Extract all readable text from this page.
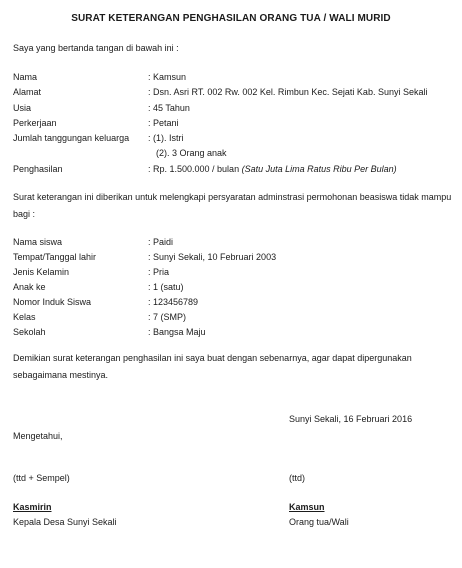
SURAT KETERANGAN PENGHASILAN ORANG TUA / WALI MURID
Saya yang bertanda tangan di bawah ini :
Nama	: Kamsun
Alamat	: Dsn. Asri RT. 002 Rw. 002 Kel. Rimbun Kec. Sejati Kab. Sunyi Sekali
Usia	: 45 Tahun
Perkerjaan	: Petani
Jumlah tanggungan keluarga : (1). Istri
(2). 3 Orang anak
Penghasilan	: Rp. 1.500.000 / bulan (Satu Juta Lima Ratus Ribu Per Bulan)
Surat keterangan ini diberikan untuk melengkapi persyaratan adminstrasi permohonan beasiswa tidak mampu bagi :
Nama siswa	: Paidi
Tempat/Tanggal lahir	: Sunyi Sekali, 10 Februari 2003
Jenis Kelamin	: Pria
Anak ke	: 1 (satu)
Nomor Induk Siswa	: 123456789
Kelas	: 7 (SMP)
Sekolah	: Bangsa Maju
Demikian surat keterangan penghasilan ini saya buat dengan sebenarnya, agar dapat dipergunakan sebagaimana mestinya.
Sunyi Sekali, 16 Februari 2016
Mengetahui,
(ttd + Sempel)	(ttd)
Kasmirin	Kamsun
Kepala Desa Sunyi Sekali	Orang tua/Wali
